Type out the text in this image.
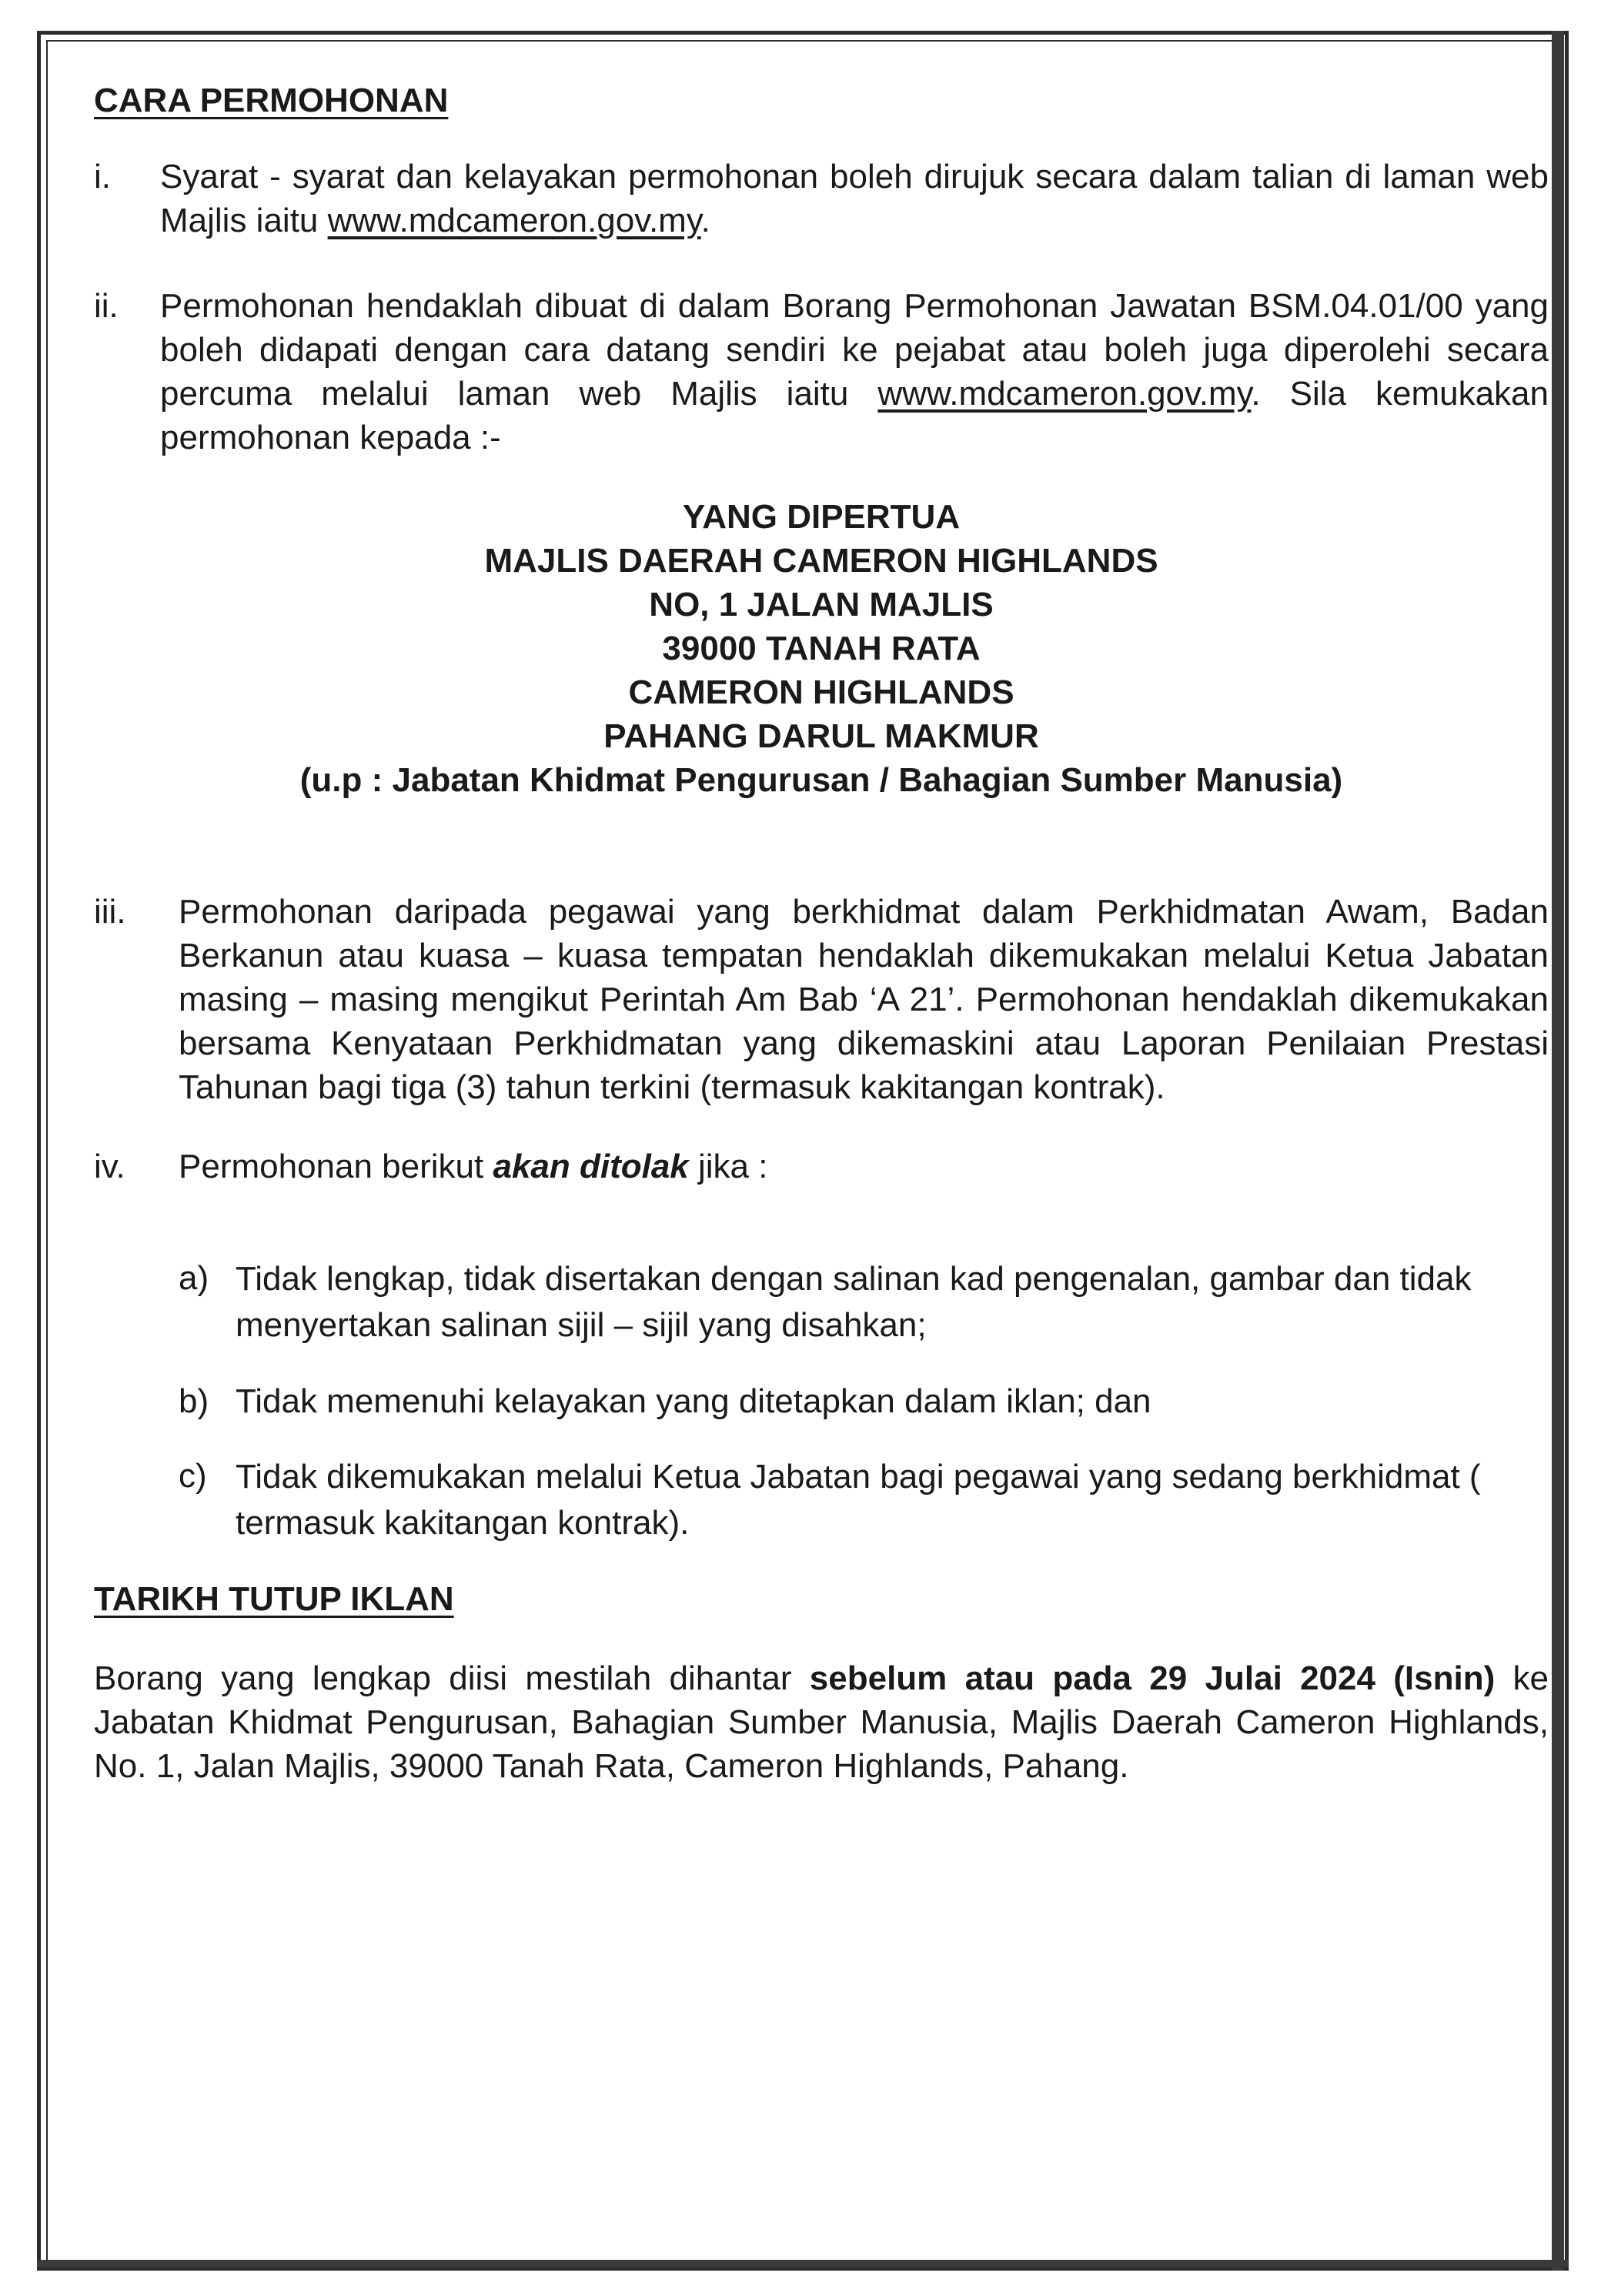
CARA PERMOHONAN

i. Syarat - syarat dan kelayakan permohonan boleh dirujuk secara dalam talian di laman web Majlis iaitu www.mdcameron.gov.my.

ii. Permohonan hendaklah dibuat di dalam Borang Permohonan Jawatan BSM.04.01/00 yang boleh didapati dengan cara datang sendiri ke pejabat atau boleh juga diperolehi secara percuma melalui laman web Majlis iaitu www.mdcameron.gov.my. Sila kemukakan permohonan kepada :-

YANG DIPERTUA

MAJLIS DAERAH CAMERON HIGHLANDS

NO, 1 JALAN MAJLIS

39000 TANAH RATA

CAMERON HIGHLANDS

PAHANG DARUL MAKMUR

(u.p : Jabatan Khidmat Pengurusan / Bahagian Sumber Manusia)

iii. Permohonan daripada pegawai yang berkhidmat dalam Perkhidmatan Awam, Badan Berkanun atau kuasa – kuasa tempatan hendaklah dikemukakan melalui Ketua Jabatan masing – masing mengikut Perintah Am Bab ‘A 21’. Permohonan hendaklah dikemukakan bersama Kenyataan Perkhidmatan yang dikemaskini atau Laporan Penilaian Prestasi Tahunan bagi tiga (3) tahun terkini (termasuk kakitangan kontrak).

iv. Permohonan berikut akan ditolak jika :

a) Tidak lengkap, tidak disertakan dengan salinan kad pengenalan, gambar dan tidak menyertakan salinan sijil – sijil yang disahkan;

b) Tidak memenuhi kelayakan yang ditetapkan dalam iklan; dan

c) Tidak dikemukakan melalui Ketua Jabatan bagi pegawai yang sedang berkhidmat ( termasuk kakitangan kontrak).

TARIKH TUTUP IKLAN

Borang yang lengkap diisi mestilah dihantar sebelum atau pada 29 Julai 2024 (Isnin) ke Jabatan Khidmat Pengurusan, Bahagian Sumber Manusia, Majlis Daerah Cameron Highlands, No. 1, Jalan Majlis, 39000 Tanah Rata, Cameron Highlands, Pahang.
